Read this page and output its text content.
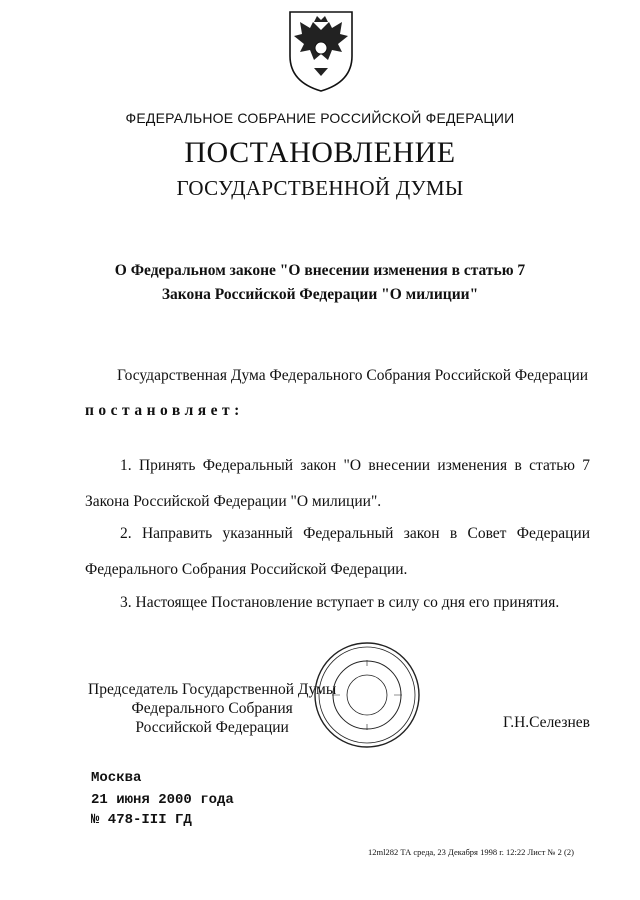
ФЕДЕРАЛЬНОЕ СОБРАНИЕ РОССИЙСКОЙ ФЕДЕРАЦИИ
ПОСТАНОВЛЕНИЕ
ГОСУДАРСТВЕННОЙ ДУМЫ
О Федеральном законе "О внесении изменения в статью 7
Закона Российской Федерации "О милиции"
Государственная Дума Федерального Собрания Российской Федерации
постановляет:

1. Принять Федеральный закон "О внесении изменения в статью 7 Закона Российской Федерации "О милиции".

2. Направить указанный Федеральный закон в Совет Федерации Федерального Собрания Российской Федерации.

3. Настоящее Постановление вступает в силу со дня его принятия.

Председатель Государственной Думы
Федерального Собрания
Российской Федерации	Г.Н.Селезнев
Москва
21 июня 2000 года
№ 478-III ГД
12ml282 ТА среда, 23 Декабря 1998 г. 12:22 Лист № 2 (2)
